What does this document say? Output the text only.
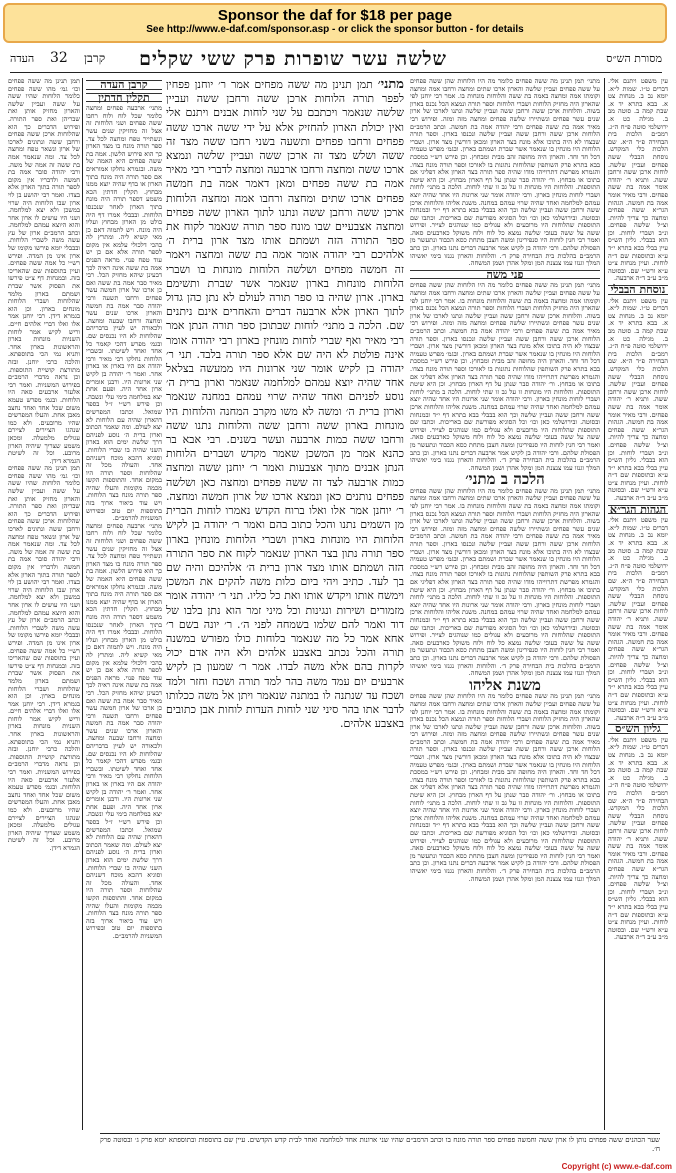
Sponsor the daf for $18 per page
See http://www.e-daf.com/sponsor.asp - or click the sponsor button - for details
מסורת הש״ס
שלשה עשר שופרות פרק ששי שקלים
קרבן
32
העדה

עין משפט ויתנם אלי. דברים ט״ו. שמות ל״א. יומא נב ב. מנחות צט א. בבא בתרא יד א. שבת קמה ב. סוטה מב ב. מגילה כט א. ירושלמי סוטה פ״ח ה״ג. רמב״ם הלכות בית הבחירה פ״ד ה״א. שם הלכות כלי המקדש. נוסחת הבבלי ששה פפחים ועביין שלשה. לוחות ארכן ששה ורחבן ששה. ותניא ר׳ יהודה אומר אמה בת ששה פפחים. ורבי מאיר אומר אמה בת חמשה. הגהות הגר״א ששה פפחים ומחצה כך צריך להיות. וצ״ל שלשה פפחים. ונ״ב ושברי לוחות. וכן הוא בבבלי. גליון הש״ס עיין בבלי בבא בתרא י״ד ע״א ובתוספות שם ד״ה לוחות. ועיין מנחות צ״ט ע״א ורש״י שם. ובסוטה מ״ב ע״ב ד״ה ארבעה.

נוסחת הבבלי

עין משפט ויתנם אלי. דברים ט״ו. שמות ל״א. יומא נב ב. מנחות צט א. בבא בתרא יד א. שבת קמה ב. סוטה מב ב. מגילה כט א. ירושלמי סוטה פ״ח ה״ג. רמב״ם הלכות בית הבחירה פ״ד ה״א. שם הלכות כלי המקדש. נוסחת הבבלי ששה פפחים ועביין שלשה. לוחות ארכן ששה ורחבן ששה. ותניא ר׳ יהודה אומר אמה בת ששה פפחים. ורבי מאיר אומר אמה בת חמשה. הגהות הגר״א ששה פפחים ומחצה כך צריך להיות. וצ״ל שלשה פפחים. ונ״ב ושברי לוחות. וכן הוא בבבלי. גליון הש״ס עיין בבלי בבא בתרא י״ד ע״א ובתוספות שם ד״ה לוחות. ועיין מנחות צ״ט ע״א ורש״י שם. ובסוטה מ״ב ע״ב ד״ה ארבעה.

הגהות הגר״א

עין משפט ויתנם אלי. דברים ט״ו. שמות ל״א. יומא נב ב. מנחות צט א. בבא בתרא יד א. שבת קמה ב. סוטה מב ב. מגילה כט א. ירושלמי סוטה פ״ח ה״ג. רמב״ם הלכות בית הבחירה פ״ד ה״א. שם הלכות כלי המקדש. נוסחת הבבלי ששה פפחים ועביין שלשה. לוחות ארכן ששה ורחבן ששה. ותניא ר׳ יהודה אומר אמה בת ששה פפחים. ורבי מאיר אומר אמה בת חמשה. הגהות הגר״א ששה פפחים ומחצה כך צריך להיות. וצ״ל שלשה פפחים. ונ״ב ושברי לוחות. וכן הוא בבבלי. גליון הש״ס עיין בבלי בבא בתרא י״ד ע״א ובתוספות שם ד״ה לוחות. ועיין מנחות צ״ט ע״א ורש״י שם. ובסוטה מ״ב ע״ב ד״ה ארבעה.

גליון הש״ס

עין משפט ויתנם אלי. דברים ט״ו. שמות ל״א. יומא נב ב. מנחות צט א. בבא בתרא יד א. שבת קמה ב. סוטה מב ב. מגילה כט א. ירושלמי סוטה פ״ח ה״ג. רמב״ם הלכות בית הבחירה פ״ד ה״א. שם הלכות כלי המקדש. נוסחת הבבלי ששה פפחים ועביין שלשה. לוחות ארכן ששה ורחבן ששה. ותניא ר׳ יהודה אומר אמה בת ששה פפחים. ורבי מאיר אומר אמה בת חמשה. הגהות הגר״א ששה פפחים ומחצה כך צריך להיות. וצ״ל שלשה פפחים. ונ״ב ושברי לוחות. וכן הוא בבבלי. גליון הש״ס עיין בבלי בבא בתרא י״ד ע״א ובתוספות שם ד״ה לוחות. ועיין מנחות צ״ט ע״א ורש״י שם. ובסוטה מ״ב ע״ב ד״ה ארבעה.

מתני׳ תמן תנינן מה ששה פפחים כלומר מה היו הלוחות שהן ששה פפחים על ששה פפחים ועביין שלשה והארון ארכו שתים ומחצה ורחבו אמה ומחצה וקומתו אמה ומחצה באמה בת ששה והלוחות מונחות בו. אמר רבי יוחנן לפי שהארון היה מחזיק הלוחות ושברי הלוחות וספר תורה ונמצא הכל נכנס בארון בשוה. והלוחות ארכן ששה ורחבן ששה ועביין שלשה ונתנו לארכו של ארון שנים עשר פפחים ונשתיירו שלשה פפחים ומחצה מזה ומזה. ופירוש רבי מאיר אמה בת ששה פפחים ורבי יהודה אמה בת חמשה. וכתב הרמב״ם הלוחות ארכן ששה ורחבן ששה ועביין שלשה ונכנסו בארון. וספר תורה שבצדו לא היה בתוכו אלא מונח בצד הארון ומכאן דורשין מצד ארון. ושברי הלוחות היו מונחין בו שנאמר אשר שברת ושמתם בארון. ובגמ׳ מפרש טעמיה דכל חד וחד. והארון היה מחופה זהב מבית ומבחוץ. וכן פירש רש״י במסכת בבא בתרא פרק השותפין שהלוחות נתונות בו לאורכו וספר תורה מונח בצדו. והגמרא מפרשת דתרוייהו מודו שהיה ספר תורה בצד הארון אלא דפליגי אם בתוכו או מבחוץ. ור׳ יהודה סבר שנתן על דף הארון מבחוץ. וכן היא שיטת התוספות. והלוחות היו מונחות זו על גב זו שתי לוחות. הלכה ב מתני׳ לוחות ושברי לוחות מונחין בארון. ורבי יהודה אומר שני ארונות היו אחד שהיה יוצא עמהם למלחמה ואחד שהיה שרוי עמהם במחנה. משנת אליהו והלוחות ארכן ששה ורחבן ששה ועביין שלשה וכך הוא בבבלי בבא בתרא דף י״ד ובמנחות ובסוטה. ובירושלמי כאן וכו׳ וכל הסוגיא מפורשת שם באריכות. וכתבו שם התוספות שהלוחות היו מרובעים ולא עגולים כמו שנוהגים לצייר. ופירוש ששה על ששה בעובי שלשה נמצא כל לוח ולוח משוקל כארבעים סאה. ואמר רבי חנין לוחות היו סנפירינון ומשה חצבן מתחת כסא הכבוד ונתעשר מן הפסולת שלהם. ורבי יהודה בן לקיש אמר ארבעה דברים נתנו בארון. וכן כתב הרמב״ם בהלכות בית הבחירה פרק ד׳. והלוחות והארון נגנזו בימי יאשיהו המלך וגנזו עמו צנצנת המן ומקל אהרן ושמן המשחה.

פני משה

מתני׳ תמן תנינן מה ששה פפחים כלומר מה היו הלוחות שהן ששה פפחים על ששה פפחים ועביין שלשה והארון ארכו שתים ומחצה ורחבו אמה ומחצה וקומתו אמה ומחצה באמה בת ששה והלוחות מונחות בו. אמר רבי יוחנן לפי שהארון היה מחזיק הלוחות ושברי הלוחות וספר תורה ונמצא הכל נכנס בארון בשוה. והלוחות ארכן ששה ורחבן ששה ועביין שלשה ונתנו לארכו של ארון שנים עשר פפחים ונשתיירו שלשה פפחים ומחצה מזה ומזה. ופירוש רבי מאיר אמה בת ששה פפחים ורבי יהודה אמה בת חמשה. וכתב הרמב״ם הלוחות ארכן ששה ורחבן ששה ועביין שלשה ונכנסו בארון. וספר תורה שבצדו לא היה בתוכו אלא מונח בצד הארון ומכאן דורשין מצד ארון. ושברי הלוחות היו מונחין בו שנאמר אשר שברת ושמתם בארון. ובגמ׳ מפרש טעמיה דכל חד וחד. והארון היה מחופה זהב מבית ומבחוץ. וכן פירש רש״י במסכת בבא בתרא פרק השותפין שהלוחות נתונות בו לאורכו וספר תורה מונח בצדו. והגמרא מפרשת דתרוייהו מודו שהיה ספר תורה בצד הארון אלא דפליגי אם בתוכו או מבחוץ. ור׳ יהודה סבר שנתן על דף הארון מבחוץ. וכן היא שיטת התוספות. והלוחות היו מונחות זו על גב זו שתי לוחות. הלכה ב מתני׳ לוחות ושברי לוחות מונחין בארון. ורבי יהודה אומר שני ארונות היו אחד שהיה יוצא עמהם למלחמה ואחד שהיה שרוי עמהם במחנה. משנת אליהו והלוחות ארכן ששה ורחבן ששה ועביין שלשה וכך הוא בבבלי בבא בתרא דף י״ד ובמנחות ובסוטה. ובירושלמי כאן וכו׳ וכל הסוגיא מפורשת שם באריכות. וכתבו שם התוספות שהלוחות היו מרובעים ולא עגולים כמו שנוהגים לצייר. ופירוש ששה על ששה בעובי שלשה נמצא כל לוח ולוח משוקל כארבעים סאה. ואמר רבי חנין לוחות היו סנפירינון ומשה חצבן מתחת כסא הכבוד ונתעשר מן הפסולת שלהם. ורבי יהודה בן לקיש אמר ארבעה דברים נתנו בארון. וכן כתב הרמב״ם בהלכות בית הבחירה פרק ד׳. והלוחות והארון נגנזו בימי יאשיהו המלך וגנזו עמו צנצנת המן ומקל אהרן ושמן המשחה.

הלכה ב מתני׳

מתני׳ תמן תנינן מה ששה פפחים כלומר מה היו הלוחות שהן ששה פפחים על ששה פפחים ועביין שלשה והארון ארכו שתים ומחצה ורחבו אמה ומחצה וקומתו אמה ומחצה באמה בת ששה והלוחות מונחות בו. אמר רבי יוחנן לפי שהארון היה מחזיק הלוחות ושברי הלוחות וספר תורה ונמצא הכל נכנס בארון בשוה. והלוחות ארכן ששה ורחבן ששה ועביין שלשה ונתנו לארכו של ארון שנים עשר פפחים ונשתיירו שלשה פפחים ומחצה מזה ומזה. ופירוש רבי מאיר אמה בת ששה פפחים ורבי יהודה אמה בת חמשה. וכתב הרמב״ם הלוחות ארכן ששה ורחבן ששה ועביין שלשה ונכנסו בארון. וספר תורה שבצדו לא היה בתוכו אלא מונח בצד הארון ומכאן דורשין מצד ארון. ושברי הלוחות היו מונחין בו שנאמר אשר שברת ושמתם בארון. ובגמ׳ מפרש טעמיה דכל חד וחד. והארון היה מחופה זהב מבית ומבחוץ. וכן פירש רש״י במסכת בבא בתרא פרק השותפין שהלוחות נתונות בו לאורכו וספר תורה מונח בצדו. והגמרא מפרשת דתרוייהו מודו שהיה ספר תורה בצד הארון אלא דפליגי אם בתוכו או מבחוץ. ור׳ יהודה סבר שנתן על דף הארון מבחוץ. וכן היא שיטת התוספות. והלוחות היו מונחות זו על גב זו שתי לוחות. הלכה ב מתני׳ לוחות ושברי לוחות מונחין בארון. ורבי יהודה אומר שני ארונות היו אחד שהיה יוצא עמהם למלחמה ואחד שהיה שרוי עמהם במחנה. משנת אליהו והלוחות ארכן ששה ורחבן ששה ועביין שלשה וכך הוא בבבלי בבא בתרא דף י״ד ובמנחות ובסוטה. ובירושלמי כאן וכו׳ וכל הסוגיא מפורשת שם באריכות. וכתבו שם התוספות שהלוחות היו מרובעים ולא עגולים כמו שנוהגים לצייר. ופירוש ששה על ששה בעובי שלשה נמצא כל לוח ולוח משוקל כארבעים סאה. ואמר רבי חנין לוחות היו סנפירינון ומשה חצבן מתחת כסא הכבוד ונתעשר מן הפסולת שלהם. ורבי יהודה בן לקיש אמר ארבעה דברים נתנו בארון. וכן כתב הרמב״ם בהלכות בית הבחירה פרק ד׳. והלוחות והארון נגנזו בימי יאשיהו המלך וגנזו עמו צנצנת המן ומקל אהרן ושמן המשחה.

משנת אליהו

מתני׳ תמן תנינן מה ששה פפחים כלומר מה היו הלוחות שהן ששה פפחים על ששה פפחים ועביין שלשה והארון ארכו שתים ומחצה ורחבו אמה ומחצה וקומתו אמה ומחצה באמה בת ששה והלוחות מונחות בו. אמר רבי יוחנן לפי שהארון היה מחזיק הלוחות ושברי הלוחות וספר תורה ונמצא הכל נכנס בארון בשוה. והלוחות ארכן ששה ורחבן ששה ועביין שלשה ונתנו לארכו של ארון שנים עשר פפחים ונשתיירו שלשה פפחים ומחצה מזה ומזה. ופירוש רבי מאיר אמה בת ששה פפחים ורבי יהודה אמה בת חמשה. וכתב הרמב״ם הלוחות ארכן ששה ורחבן ששה ועביין שלשה ונכנסו בארון. וספר תורה שבצדו לא היה בתוכו אלא מונח בצד הארון ומכאן דורשין מצד ארון. ושברי הלוחות היו מונחין בו שנאמר אשר שברת ושמתם בארון. ובגמ׳ מפרש טעמיה דכל חד וחד. והארון היה מחופה זהב מבית ומבחוץ. וכן פירש רש״י במסכת בבא בתרא פרק השותפין שהלוחות נתונות בו לאורכו וספר תורה מונח בצדו. והגמרא מפרשת דתרוייהו מודו שהיה ספר תורה בצד הארון אלא דפליגי אם בתוכו או מבחוץ. ור׳ יהודה סבר שנתן על דף הארון מבחוץ. וכן היא שיטת התוספות. והלוחות היו מונחות זו על גב זו שתי לוחות. הלכה ב מתני׳ לוחות ושברי לוחות מונחין בארון. ורבי יהודה אומר שני ארונות היו אחד שהיה יוצא עמהם למלחמה ואחד שהיה שרוי עמהם במחנה. משנת אליהו והלוחות ארכן ששה ורחבן ששה ועביין שלשה וכך הוא בבבלי בבא בתרא דף י״ד ובמנחות ובסוטה. ובירושלמי כאן וכו׳ וכל הסוגיא מפורשת שם באריכות. וכתבו שם התוספות שהלוחות היו מרובעים ולא עגולים כמו שנוהגים לצייר. ופירוש ששה על ששה בעובי שלשה נמצא כל לוח ולוח משוקל כארבעים סאה. ואמר רבי חנין לוחות היו סנפירינון ומשה חצבן מתחת כסא הכבוד ונתעשר מן הפסולת שלהם. ורבי יהודה בן לקיש אמר ארבעה דברים נתנו בארון. וכן כתב הרמב״ם בהלכות בית הבחירה פרק ד׳. והלוחות והארון נגנזו בימי יאשיהו המלך וגנזו עמו צנצנת המן ומקל אהרן ושמן המשחה.

מתני׳ תמן תנינן מה ששה מפחים אמר ר׳ יוחנן פפחין לפפר תורה הלוחות ארכן ששה ורחבן ששה ועביין שלשה שנאמר ויכתבם על שני לוחות אבנים ויתנם אלי ואין יכולת הארון להחזיק אלא על ידי ששה ארכו ששה פפחים ורחבו פפחים ותשעה בשני רחבו ששה מצד זה ששה ושלש מצד זה ארכן ששה ועביין שלשה ונמצא ארכו ששה ומחצה ורחבו ארבעה ומחצה לדברי רבי מאיר אמה בת ששה פפחים ומאן דאמר אמה בת חמשה פפחים ארכו שתים ומחצה ורחבו אמה ומחצה הלוחות ארכן ששה ורחבן ששה ונתנו לתוך הארון ששה פפחים ומחצה אצבעיים שבו מונח ספר תורה שנאמר לקוח את ספר התורה הזה ושמתם אותו מצד ארון ברית ה׳ אלהיכם רבי יהודה אומר אמה בת ששה ומחצה ויאמר זה חמשה מפחים ושלשה הלוחות מונחות בו ושברי הלוחות מונחות בארון שנאמר אשר שברת ותשימם בארון. ארון שהיה בו ספר תורה לעולם לא נתן כהן גדול לתוך הארון אלא ארבעה דברים והאחרים אינם ניתנים שם. הלכה ב מתני׳ לוחות שבתוכן ספר תורה הנתן אמר רבי מאיר ואף שברי לוחות מונחין בארון רבי יהודה אומר אינה פולטת לא היה שם אלא ספר תורה בלבד. תני ר׳ יהודה בן לקיש אומר שני ארונות היו ממעשה בצלאל אחד שהיה יוצא עמהם למלחמה שנאמר וארון ברית ה׳ נוסע לפניהם ואחד שהיה שרוי עמהם במחנה שנאמר וארון ברית ה׳ ומשה לא משו מקרב המחנה והלוחות היו מונחות בארון ששה ורחבן ששה והלוחות נתנו ששה ורחבו ששה כמות ארבעה ועשר בשנים. רבי אבא בר כהנא אמר מן המשכן שאמר מקדש ושברים הלוחות הנתן אבנים מתוך אצבעות ואמר ר׳ יוחנן ששה ומחצה כמות ארבעה לצד זה ששה פפחים ומחצה כאן ושלשה פפחים נותנים כאן ונמצא ארכו של ארון חמשה ומחצה. ר׳ יוחנן אמר אלו ואלו ברוח הקדש נאמרו לוחות הברית מן השמים נתנו והכל כתוב בהם ואמר ר׳ יהודה בן לקיש הלוחות היו מונחות בארון ושברי הלוחות מונחין בארון ספר תורה נתון בצד הארון שנאמר לקוח את ספר התורה הזה ושמתם אותו מצד ארון ברית ה׳ אלהיכם והיה שם בך לעד. כתיב ויהי ביום כלות משה להקים את המשכן וימשח אותו ויקדש אותו ואת כל כליו. תני ר׳ יהודה אומר מזמורים ושירות ונגינות וכל מיני זמר הוא נתן בלבו של דוד ואמר להם שלמו בשמחה לפני ה׳. ר׳ יונה בשם ר׳ אחא אמר כל מה שנאמר בלוחות כולו מפורש במשנה תורה והכל נכתב באצבע אלהים ולא היה אדם יכול לקרות בהם אלא משה לבדו. אמר ר׳ שמעון בן לקיש ארבעים יום עמד משה בהר למד תורה ושכח וחזר ולמד ושכח עד שנתנה לו במתנה שנאמר ויתן אל משה ככלותו לדבר אתו בהר סיני שני לוחות העדות לוחות אבן כתובים באצבע אלהים.

קרבן העדה
תקלין חדתין

מתני׳ ארבעה פפחים ומחצה כלומר שכל לוח ולוח רחבו ששה פפחים ושני הלוחות זה אצל זה מחזיקין שנים עשר ונשתייר טפח ומחצה לכל צד. ספר תורה מונח בו מצד הארון כך הוא פירוש הלשון. אמה בת ששה פפחים היא האמה של משה. ובגמרא נחלקו אמוראים אם ספר תורה היה מונח בתוך הארון או בדף שהיה יוצא ממנו מבחוץ. תקלין חדתין הכא משמע דספר תורה היה מונח בתוך הארון לאחר שנכנסו הלוחות. ובבבלי אמרו דף היה בולט מן הארון מבחוץ ועליו היה מונח. ויש לתמוה דאם כן מאי קשיא ליה. ומתרץ לה בהכי דלכולי עלמא אין מקום לספר תורה אלא אם כן יש עוד טפח פנוי. מראה הפנים אמה בת ששה אינה ראיה לכך דבעינן שיהא מחזיק הכל. רבי מאיר סבר אמה בת ששה ואם כן ארכו של ארון חמשה עשר פפחים ורחבו תשעה ורבי יהודה סבר אמה בת חמשה והארון ארכו שנים עשר ומחצה ורחבו שבעה ומחצה. ולכאורה יש לעיין בדבריהם שהלוחות לא היו נכנסים שם. ובגמ׳ מפרש דהכי קאמר כל אחד ואחד לשיטתו. ובשברי הלוחות נחלקו רבי מאיר ורבי יהודה אם היו בארון או בארון אחר. ואמר ר׳ יהודה בן לקיש שני ארונות היו. ורבנן אומרים ארון אחד היה. ופעם אחת יצא במלחמה בימי עלי ונשבה. וכן פירש רש״י ז״ל בספר שמואל. וכתבו המפרשים דהארון שהיה עם הלוחות לא יצא לעולם. ומה שאמר הכתוב וארון ברית ה׳ נוסע לפניהם דרך שלשת ימים הוא בארון השני שהיה בו שברי הלוחות. וסוגיא דהכא מוכח דשניהם אחד. והעולה מכל זה שהלוחות וספר תורה היו במקום אחד. והתוספות הקשו מכמה מקומות והעלו שהיה ספר תורה מונח בצד הלוחות. ויש עוד ביאור ארוך בזה בתוספות יום טוב ובפירוש המשניות להרמב״ם.

מתני׳ ארבעה פפחים ומחצה כלומר שכל לוח ולוח רחבו ששה פפחים ושני הלוחות זה אצל זה מחזיקין שנים עשר ונשתייר טפח ומחצה לכל צד. ספר תורה מונח בו מצד הארון כך הוא פירוש הלשון. אמה בת ששה פפחים היא האמה של משה. ובגמרא נחלקו אמוראים אם ספר תורה היה מונח בתוך הארון או בדף שהיה יוצא ממנו מבחוץ. תקלין חדתין הכא משמע דספר תורה היה מונח בתוך הארון לאחר שנכנסו הלוחות. ובבבלי אמרו דף היה בולט מן הארון מבחוץ ועליו היה מונח. ויש לתמוה דאם כן מאי קשיא ליה. ומתרץ לה בהכי דלכולי עלמא אין מקום לספר תורה אלא אם כן יש עוד טפח פנוי. מראה הפנים אמה בת ששה אינה ראיה לכך דבעינן שיהא מחזיק הכל. רבי מאיר סבר אמה בת ששה ואם כן ארכו של ארון חמשה עשר פפחים ורחבו תשעה ורבי יהודה סבר אמה בת חמשה והארון ארכו שנים עשר ומחצה ורחבו שבעה ומחצה. ולכאורה יש לעיין בדבריהם שהלוחות לא היו נכנסים שם. ובגמ׳ מפרש דהכי קאמר כל אחד ואחד לשיטתו. ובשברי הלוחות נחלקו רבי מאיר ורבי יהודה אם היו בארון או בארון אחר. ואמר ר׳ יהודה בן לקיש שני ארונות היו. ורבנן אומרים ארון אחד היה. ופעם אחת יצא במלחמה בימי עלי ונשבה. וכן פירש רש״י ז״ל בספר שמואל. וכתבו המפרשים דהארון שהיה עם הלוחות לא יצא לעולם. ומה שאמר הכתוב וארון ברית ה׳ נוסע לפניהם דרך שלשת ימים הוא בארון השני שהיה בו שברי הלוחות. וסוגיא דהכא מוכח דשניהם אחד. והעולה מכל זה שהלוחות וספר תורה היו במקום אחד. והתוספות הקשו מכמה מקומות והעלו שהיה ספר תורה מונח בצד הלוחות. ויש עוד ביאור ארוך בזה בתוספות יום טוב ובפירוש המשניות להרמב״ם.

תמן תנינן מה ששה פפחים וכו׳ גמ׳ מהו ששה פפחים כלומר הלוחות שהיו ששה על ששה ועביין שלשה והארון מחזיק אותן ואת שבריהן ואת ספר התורה. ופירוש הדברים כך הוא שהלוחות ארכן ששה פפחים ורחבן ששה ונתונים לארכו של ארון ונשאר טפח ומחצה לכל צד. ומה שנאמר אמה בת ששה זה אמה של משה. ורבי יהודה סובר אמה בת חמשה ולדבריו אין מקום לספר תורה בתוך הארון אלא בצדו. ואמר רבי יהושע בן לוי ארון שבו הלוחות היה שרוי במשכן ולא יצא למלחמה. ושני היו עושים לו ארון אחר והוא היוצא עמהם למלחמה. וכתב הרמב״ם ארון של עץ עשה משה לשברי הלוחות. ובבבלי יומא פירשו מקומו של ארון אינו מן המדה. ופירש רש״י כל אמה ששה פפחים. ועיין בתוספות שם שהאריכו בזה. ובמנחות דף צ״ט פירשו את הפסוק אשר שברת ושמתם בארון מלמד שהלוחות ושברי הלוחות מונחים בארון. וכן הוא בגמרא דידן. רבי יוחנן אמר אלו ואלו דברי אלהים חיים. וריש לקיש אמר לוחות השניות מונחות בארון והראשונות בארון אחר. ותניא נמי הכי בתוספתא. והלכה כרבי יוחנן. ובזה מתורצת קושיית התוספות. וכן נראה מדברי הרמב״ם בפירוש המשניות. ואמר רבי אלעזר ארבעים סאה היו הלוחות. ובגמ׳ מפרש טעמא משום שכל אחד ואחד נחצב מאבן אחת. והעלו המפרשים שהיו מרובעים. ולא כמו שנהגו הציירים לציירם עגולים מלמעלה. ומכאן משמע שצריך שיהיה הארון מרובע. וכל זה לשיטת הגמרא דידן.

תמן תנינן מה ששה פפחים וכו׳ גמ׳ מהו ששה פפחים כלומר הלוחות שהיו ששה על ששה ועביין שלשה והארון מחזיק אותן ואת שבריהן ואת ספר התורה. ופירוש הדברים כך הוא שהלוחות ארכן ששה פפחים ורחבן ששה ונתונים לארכו של ארון ונשאר טפח ומחצה לכל צד. ומה שנאמר אמה בת ששה זה אמה של משה. ורבי יהודה סובר אמה בת חמשה ולדבריו אין מקום לספר תורה בתוך הארון אלא בצדו. ואמר רבי יהושע בן לוי ארון שבו הלוחות היה שרוי במשכן ולא יצא למלחמה. ושני היו עושים לו ארון אחר והוא היוצא עמהם למלחמה. וכתב הרמב״ם ארון של עץ עשה משה לשברי הלוחות. ובבבלי יומא פירשו מקומו של ארון אינו מן המדה. ופירש רש״י כל אמה ששה פפחים. ועיין בתוספות שם שהאריכו בזה. ובמנחות דף צ״ט פירשו את הפסוק אשר שברת ושמתם בארון מלמד שהלוחות ושברי הלוחות מונחים בארון. וכן הוא בגמרא דידן. רבי יוחנן אמר אלו ואלו דברי אלהים חיים. וריש לקיש אמר לוחות השניות מונחות בארון והראשונות בארון אחר. ותניא נמי הכי בתוספתא. והלכה כרבי יוחנן. ובזה מתורצת קושיית התוספות. וכן נראה מדברי הרמב״ם בפירוש המשניות. ואמר רבי אלעזר ארבעים סאה היו הלוחות. ובגמ׳ מפרש טעמא משום שכל אחד ואחד נחצב מאבן אחת. והעלו המפרשים שהיו מרובעים. ולא כמו שנהגו הציירים לציירם עגולים מלמעלה. ומכאן משמע שצריך שיהיה הארון מרובע. וכל זה לשיטת הגמרא דידן.

שער הכהנים ששה פפחים נותן לו ארון ששה וחמשה פפחים ספר תורה מונח בו וכתב הרמב״ם שהיו שני ארונות אחד למלחמה ואחד לבית קדש הקדשים. עיין שם בתוספות ובתוספתא יומא פרק ג׳ ובסוטה פרק ח׳.
Copyright (c) www.e-daf.com
